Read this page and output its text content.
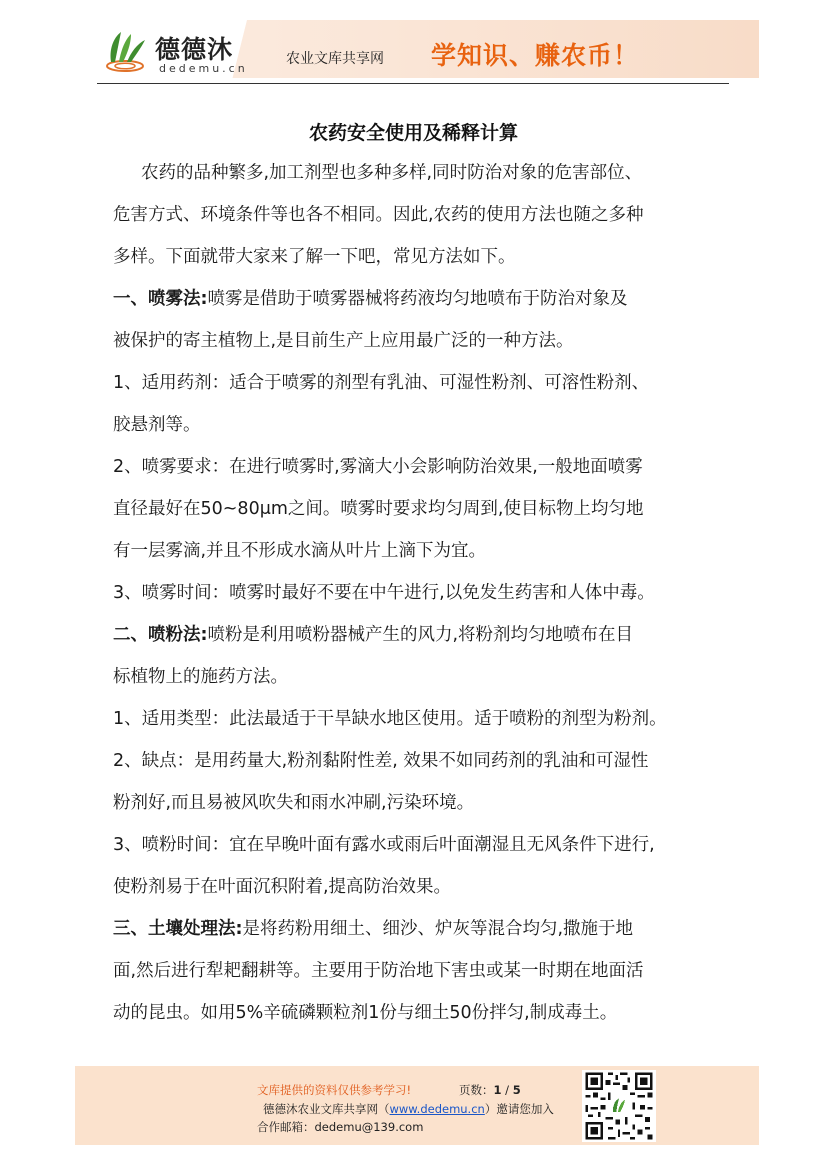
德德沐
dedemu.cn
农业文库共享网 学知识、赚农币！
农药安全使用及稀释计算
农药的品种繁多,加工剂型也多种多样,同时防治对象的危害部位、
危害方式、环境条件等也各不相同。因此,农药的使用方法也随之多种
多样。下面就带大家来了解一下吧，常见方法如下。
一、喷雾法:喷雾是借助于喷雾器械将药液均匀地喷布于防治对象及
被保护的寄主植物上,是目前生产上应用最广泛的一种方法。
1、适用药剂：适合于喷雾的剂型有乳油、可湿性粉剂、可溶性粉剂、
胶悬剂等。
2、喷雾要求：在进行喷雾时,雾滴大小会影响防治效果,一般地面喷雾
直径最好在50~80μm之间。喷雾时要求均匀周到,使目标物上均匀地
有一层雾滴,并且不形成水滴从叶片上滴下为宜。
3、喷雾时间：喷雾时最好不要在中午进行,以免发生药害和人体中毒。
二、喷粉法:喷粉是利用喷粉器械产生的风力,将粉剂均匀地喷布在目
标植物上的施药方法。
1、适用类型：此法最适于干旱缺水地区使用。适于喷粉的剂型为粉剂。
2、缺点：是用药量大,粉剂黏附性差, 效果不如同药剂的乳油和可湿性
粉剂好,而且易被风吹失和雨水冲刷,污染环境。
3、喷粉时间：宜在早晚叶面有露水或雨后叶面潮湿且无风条件下进行,
使粉剂易于在叶面沉积附着,提高防治效果。
三、土壤处理法:是将药粉用细土、细沙、炉灰等混合均匀,撒施于地
面,然后进行犁耙翻耕等。主要用于防治地下害虫或某一时期在地面活
动的昆虫。如用5%辛硫磷颗粒剂1份与细土50份拌匀,制成毒土。
文库提供的资料仅供参考学习!	页数：1 / 5
德德沐农业文库共享网（www.dedemu.cn）邀请您加入
合作邮箱：dedemu@139.com
